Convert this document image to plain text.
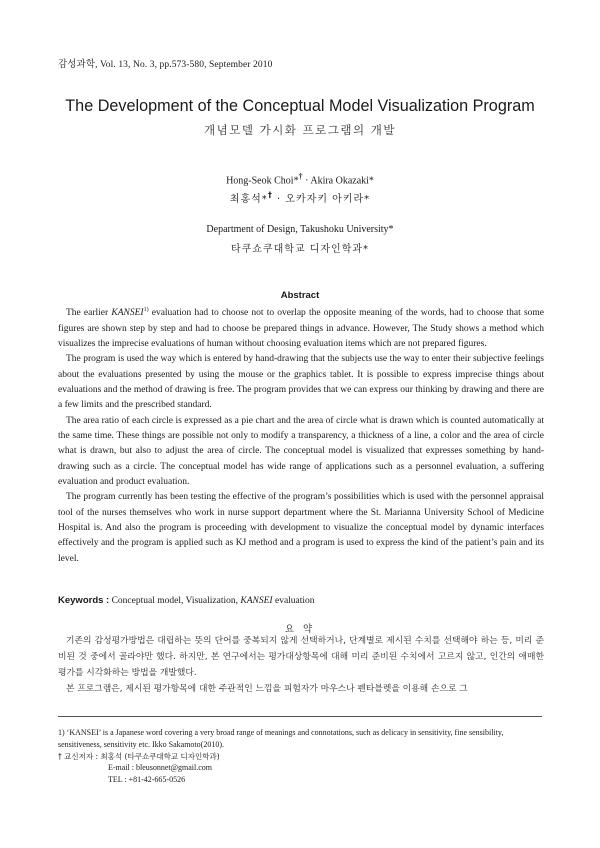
감성과학, Vol. 13, No. 3, pp.573-580, September 2010
The Development of the Conceptual Model Visualization Program
개념모델 가시화 프로그램의 개발
Hong-Seok Choi*† · Akira Okazaki*
최홍석*† · 오카자키 아키라*
Department of Design, Takushoku University*
타쿠쇼쿠대학교 디자인학과*
Abstract

The earlier KANSEI$^{1)}$ evaluation had to choose not to overlap the opposite meaning of the words, had to choose that some figures are shown step by step and had to choose be prepared things in advance. However, The Study shows a method which visualizes the imprecise evaluations of human without choosing evaluation items which are not prepared figures.

The program is used the way which is entered by hand-drawing that the subjects use the way to enter their subjective feelings about the evaluations presented by using the mouse or the graphics tablet. It is possible to express imprecise things about evaluations and the method of drawing is free. The program provides that we can express our thinking by drawing and there are a few limits and the prescribed standard.

The area ratio of each circle is expressed as a pie chart and the area of circle what is drawn which is counted automatically at the same time. These things are possible not only to modify a transparency, a thickness of a line, a color and the area of circle what is drawn, but also to adjust the area of circle. The conceptual model is visualized that expresses something by hand-drawing such as a circle. The conceptual model has wide range of applications such as a personnel evaluation, a suffering evaluation and product evaluation.

The program currently has been testing the effective of the program’s possibilities which is used with the personnel appraisal tool of the nurses themselves who work in nurse support department where the St. Marianna University School of Medicine Hospital is. And also the program is proceeding with development to visualize the conceptual model by dynamic interfaces effectively and the program is applied such as KJ method and a program is used to express the kind of the patient’s pain and its level.

Keywords : Conceptual model, Visualization, KANSEI evaluation
요 약

기존의 감성평가방법은 대립하는 뜻의 단어를 중복되지 않게 선택하거나, 단계별로 제시된 수치를 선택해야 하는 등, 미리 준비된 것 중에서 골라야만 했다. 하지만, 본 연구에서는 평가대상항목에 대해 미리 준비된 수치에서 고르지 않고, 인간의 애매한 평가를 시각화하는 방법을 개발했다.

본 프로그램은, 제시된 평가항목에 대한 주관적인 느낌을 피험자가 마우스나 펜타블렛을 이용해 손으로 그

1) ‘KANSEI’ is a Japanese word covering a very broad range of meanings and connotations, such as delicacy in sensitivity, fine sensibility, sensitiveness, sensitivity etc. Ikko Sakamoto(2010).

† 교신저자 : 최홍석 (타쿠쇼쿠대학교 디자인학과)

E-mail : bleusonnet@gmail.com

TEL : +81-42-665-0526
